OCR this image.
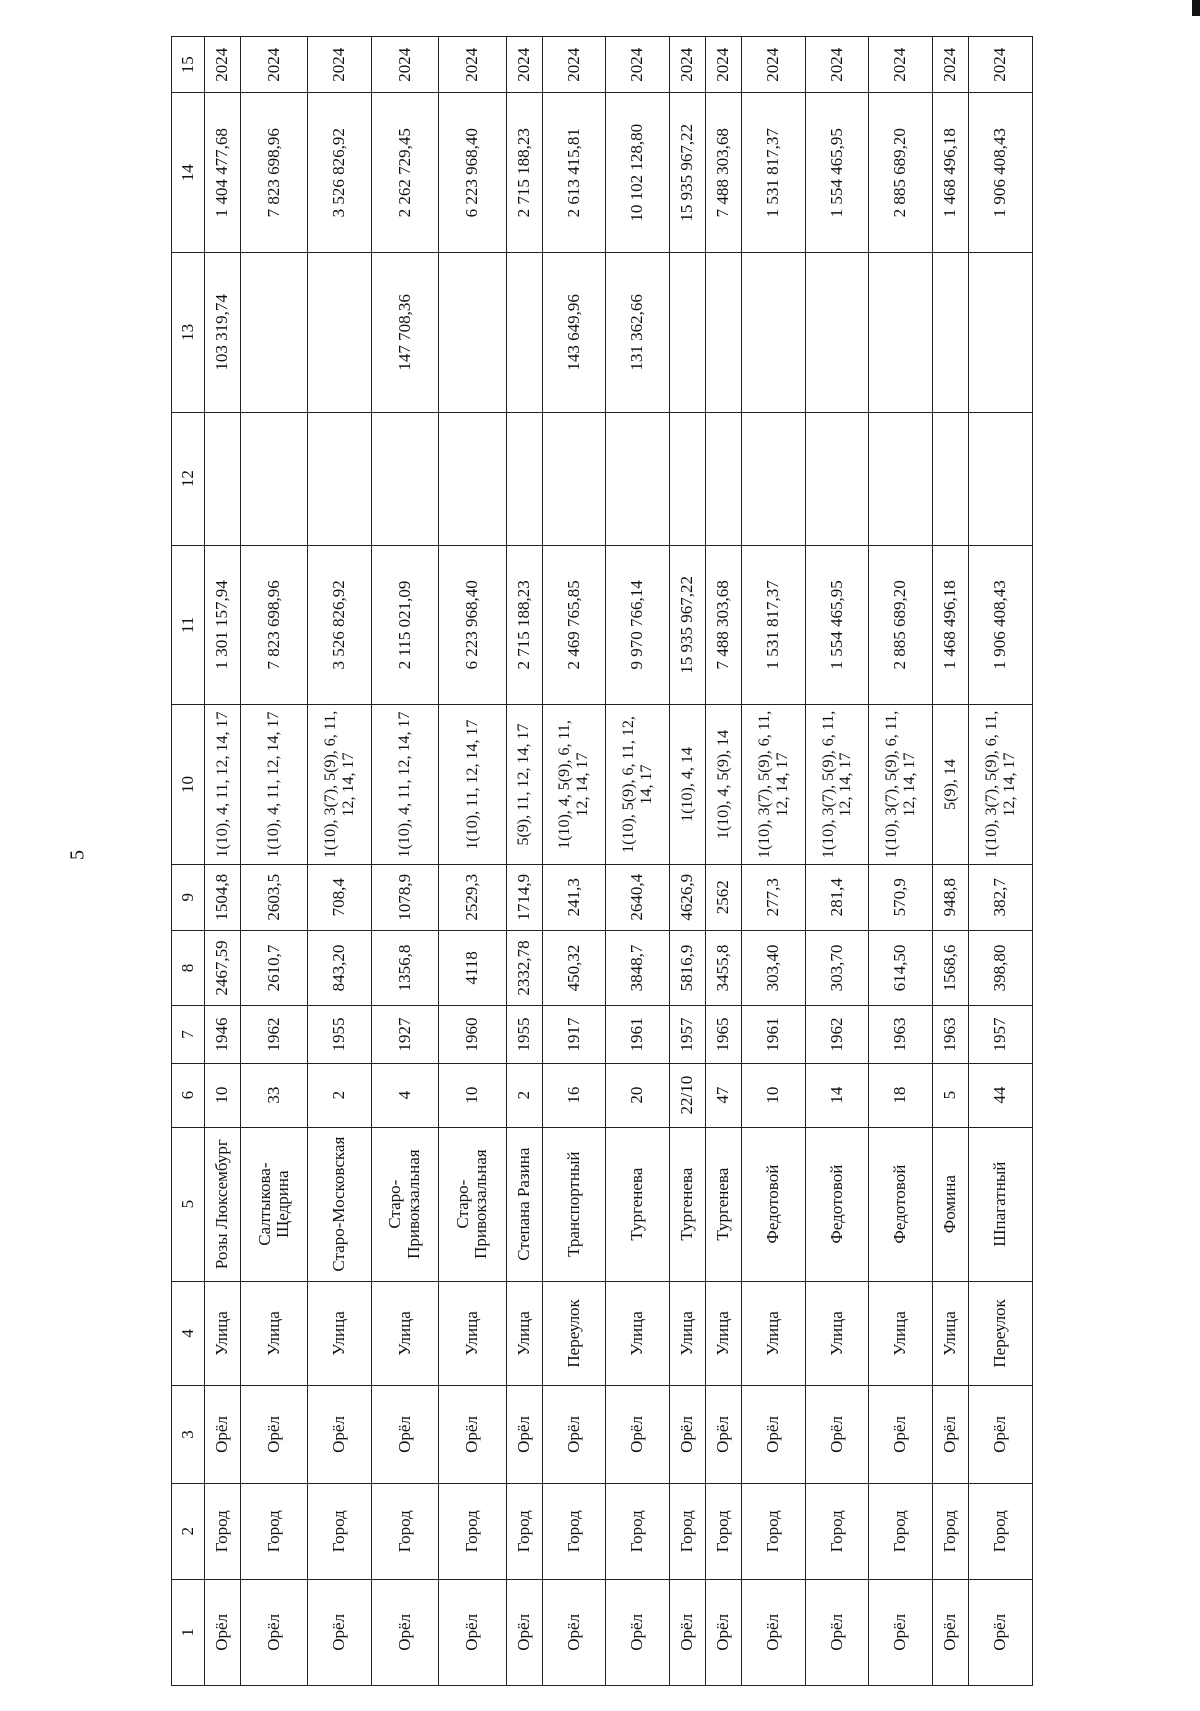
5
1	2	3	4	5	6	7	8	9	10	11	12	13	14	15
Орёл	Город	Орёл	Улица	Розы Люксембург	10	1946	2467,59	1504,8	1(10), 4, 11, 12, 14, 17	1 301 157,94		103 319,74	1 404 477,68	2024
Орёл	Город	Орёл	Улица	Салтыкова-Щедрина	33	1962	2610,7	2603,5	1(10), 4, 11, 12, 14, 17	7 823 698,96			7 823 698,96	2024
Орёл	Город	Орёл	Улица	Старо-Московская	2	1955	843,20	708,4	1(10), 3(7), 5(9), 6, 11, 12, 14, 17	3 526 826,92			3 526 826,92	2024
Орёл	Город	Орёл	Улица	Старо-Привокзальная	4	1927	1356,8	1078,9	1(10), 4, 11, 12, 14, 17	2 115 021,09		147 708,36	2 262 729,45	2024
Орёл	Город	Орёл	Улица	Старо-Привокзальная	10	1960	4118	2529,3	1(10), 11, 12, 14, 17	6 223 968,40			6 223 968,40	2024
Орёл	Город	Орёл	Улица	Степана Разина	2	1955	2332,78	1714,9	5(9), 11, 12, 14, 17	2 715 188,23			2 715 188,23	2024
Орёл	Город	Орёл	Переулок	Транспортный	16	1917	450,32	241,3	1(10), 4, 5(9), 6, 11, 12, 14, 17	2 469 765,85		143 649,96	2 613 415,81	2024
Орёл	Город	Орёл	Улица	Тургенева	20	1961	3848,7	2640,4	1(10), 5(9), 6, 11, 12, 14, 17	9 970 766,14		131 362,66	10 102 128,80	2024
Орёл	Город	Орёл	Улица	Тургенева	22/10	1957	5816,9	4626,9	1(10), 4, 14	15 935 967,22			15 935 967,22	2024
Орёл	Город	Орёл	Улица	Тургенева	47	1965	3455,8	2562	1(10), 4, 5(9), 14	7 488 303,68			7 488 303,68	2024
Орёл	Город	Орёл	Улица	Федотовой	10	1961	303,40	277,3	1(10), 3(7), 5(9), 6, 11, 12, 14, 17	1 531 817,37			1 531 817,37	2024
Орёл	Город	Орёл	Улица	Федотовой	14	1962	303,70	281,4	1(10), 3(7), 5(9), 6, 11, 12, 14, 17	1 554 465,95			1 554 465,95	2024
Орёл	Город	Орёл	Улица	Федотовой	18	1963	614,50	570,9	1(10), 3(7), 5(9), 6, 11, 12, 14, 17	2 885 689,20			2 885 689,20	2024
Орёл	Город	Орёл	Улица	Фомина	5	1963	1568,6	948,8	5(9), 14	1 468 496,18			1 468 496,18	2024
Орёл	Город	Орёл	Переулок	Шпагатный	44	1957	398,80	382,7	1(10), 3(7), 5(9), 6, 11, 12, 14, 17	1 906 408,43			1 906 408,43	2024
